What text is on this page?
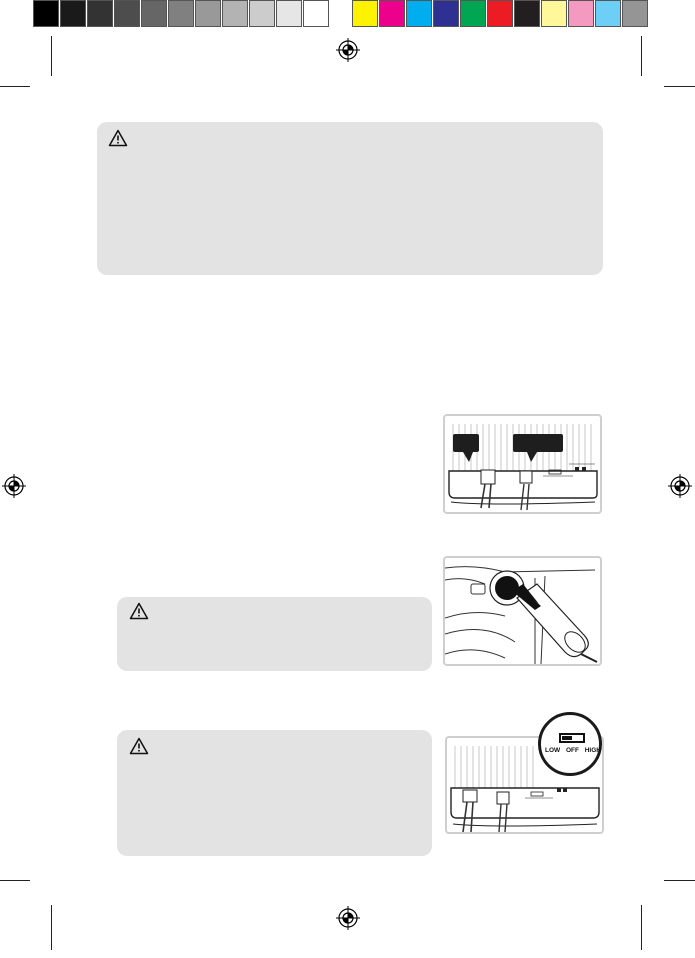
LOW OFF HIGH
